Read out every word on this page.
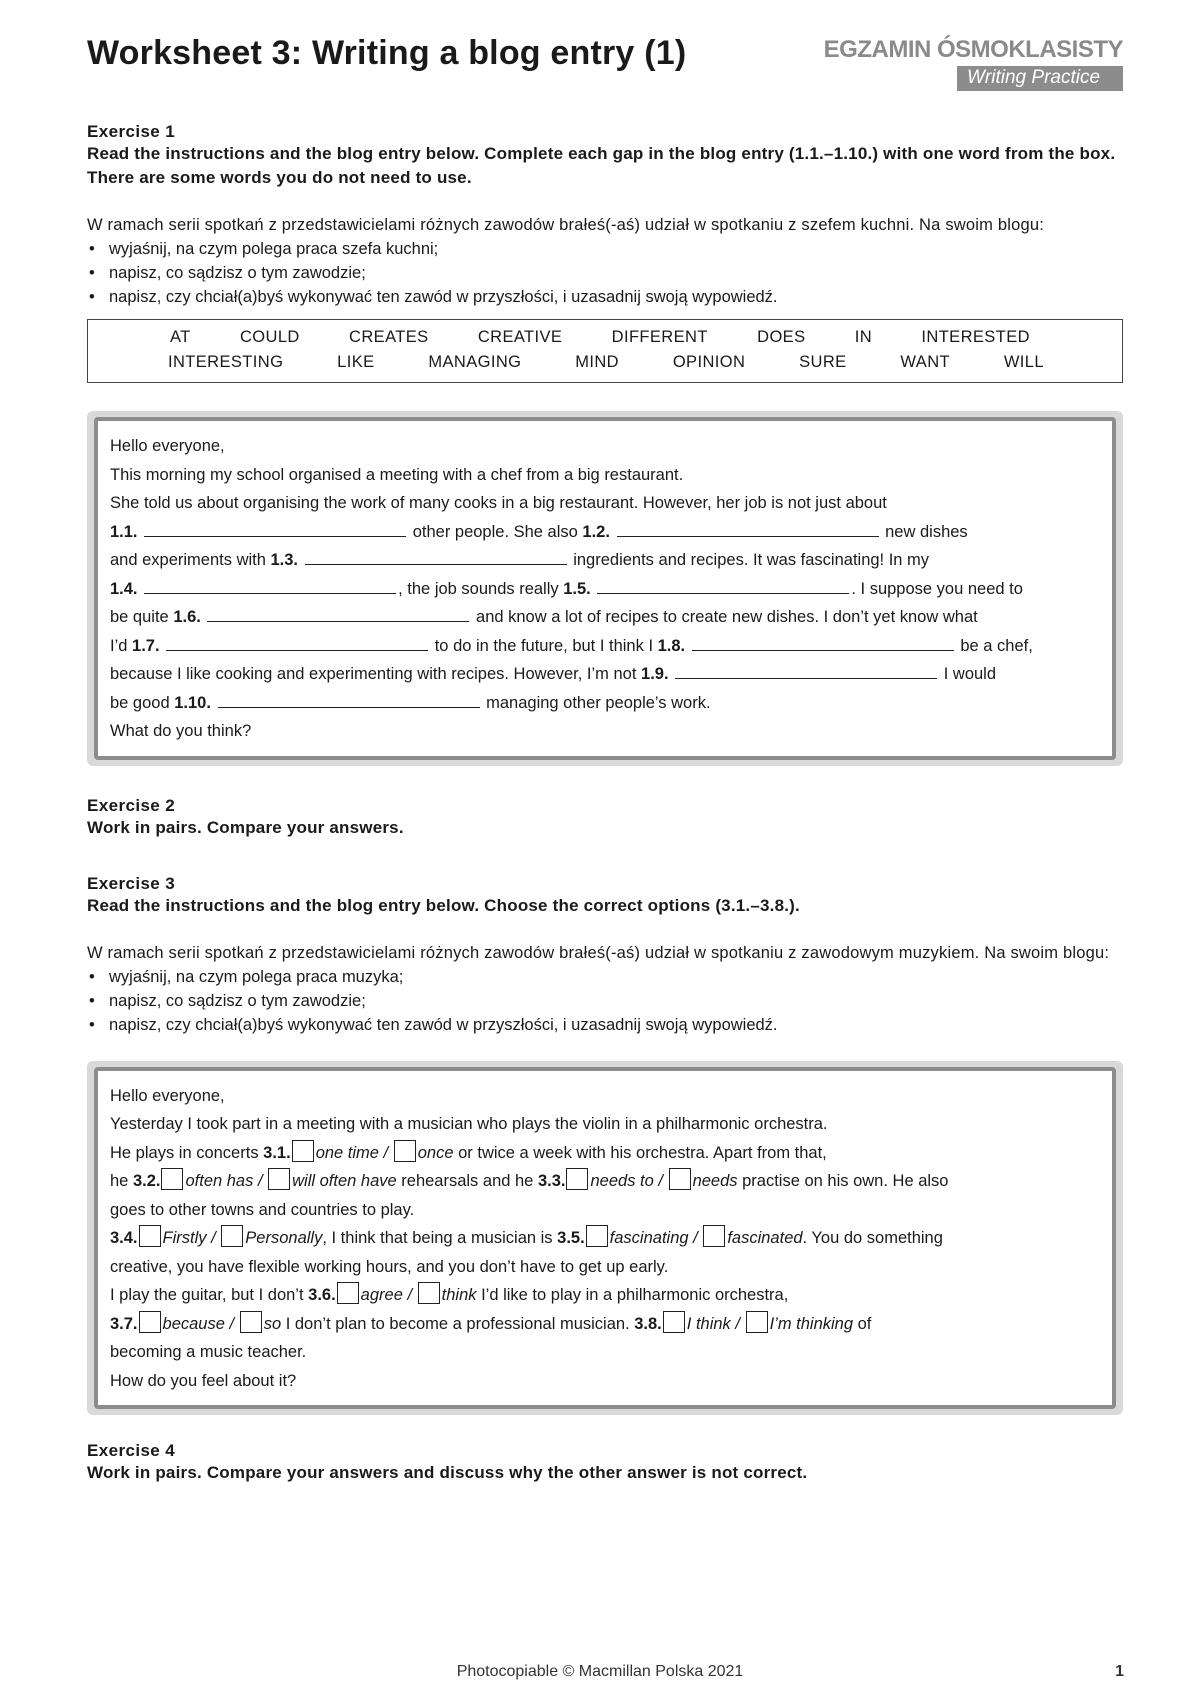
Worksheet 3: Writing a blog entry (1)	EGZAMIN ÓSMOKLASISTY
Writing Practice
Exercise 1
Read the instructions and the blog entry below. Complete each gap in the blog entry (1.1.–1.10.) with one word from the box. There are some words you do not need to use.
W ramach serii spotkań z przedstawicielami różnych zawodów brałeś(-aś) udział w spotkaniu z szefem kuchni. Na swoim blogu:
• wyjaśnij, na czym polega praca szefa kuchni;
• napisz, co sądzisz o tym zawodzie;
• napisz, czy chciał(a)byś wykonywać ten zawód w przyszłości, i uzasadnij swoją wypowiedź.
AT	COULD	CREATES	CREATIVE	DIFFERENT	DOES	IN	INTERESTED
INTERESTING	LIKE	MANAGING	MIND	OPINION	SURE	WANT	WILL
Hello everyone,
This morning my school organised a meeting with a chef from a big restaurant.
She told us about organising the work of many cooks in a big restaurant. However, her job is not just about
1.1.	other people. She also 1.2.	new dishes
and experiments with 1.3.	ingredients and recipes. It was fascinating! In my
1.4.	, the job sounds really 1.5.	. I suppose you need to
be quite 1.6.	and know a lot of recipes to create new dishes. I don’t yet know what
I’d 1.7.	to do in the future, but I think I 1.8.	be a chef,
because I like cooking and experimenting with recipes. However, I’m not 1.9.	I would
be good 1.10.	managing other people’s work.
What do you think?
Exercise 2
Work in pairs. Compare your answers.
Exercise 3
Read the instructions and the blog entry below. Choose the correct options (3.1.–3.8.).
W ramach serii spotkań z przedstawicielami różnych zawodów brałeś(-aś) udział w spotkaniu z zawodowym muzykiem. Na swoim blogu:
• wyjaśnij, na czym polega praca muzyka;
• napisz, co sądzisz o tym zawodzie;
• napisz, czy chciał(a)byś wykonywać ten zawód w przyszłości, i uzasadnij swoją wypowiedź.
Hello everyone,
Yesterday I took part in a meeting with a musician who plays the violin in a philharmonic orchestra.
He plays in concerts 3.1. one time / once or twice a week with his orchestra. Apart from that,
he 3.2. often has / will often have rehearsals and he 3.3. needs to / needs practise on his own. He also
goes to other towns and countries to play.
3.4. Firstly / Personally, I think that being a musician is 3.5. fascinating / fascinated. You do something
creative, you have flexible working hours, and you don’t have to get up early.
I play the guitar, but I don’t 3.6. agree / think I’d like to play in a philharmonic orchestra,
3.7. because / so I don’t plan to become a professional musician. 3.8. I think / I’m thinking of
becoming a music teacher.
How do you feel about it?
Exercise 4
Work in pairs. Compare your answers and discuss why the other answer is not correct.
Photocopiable © Macmillan Polska 2021	1
